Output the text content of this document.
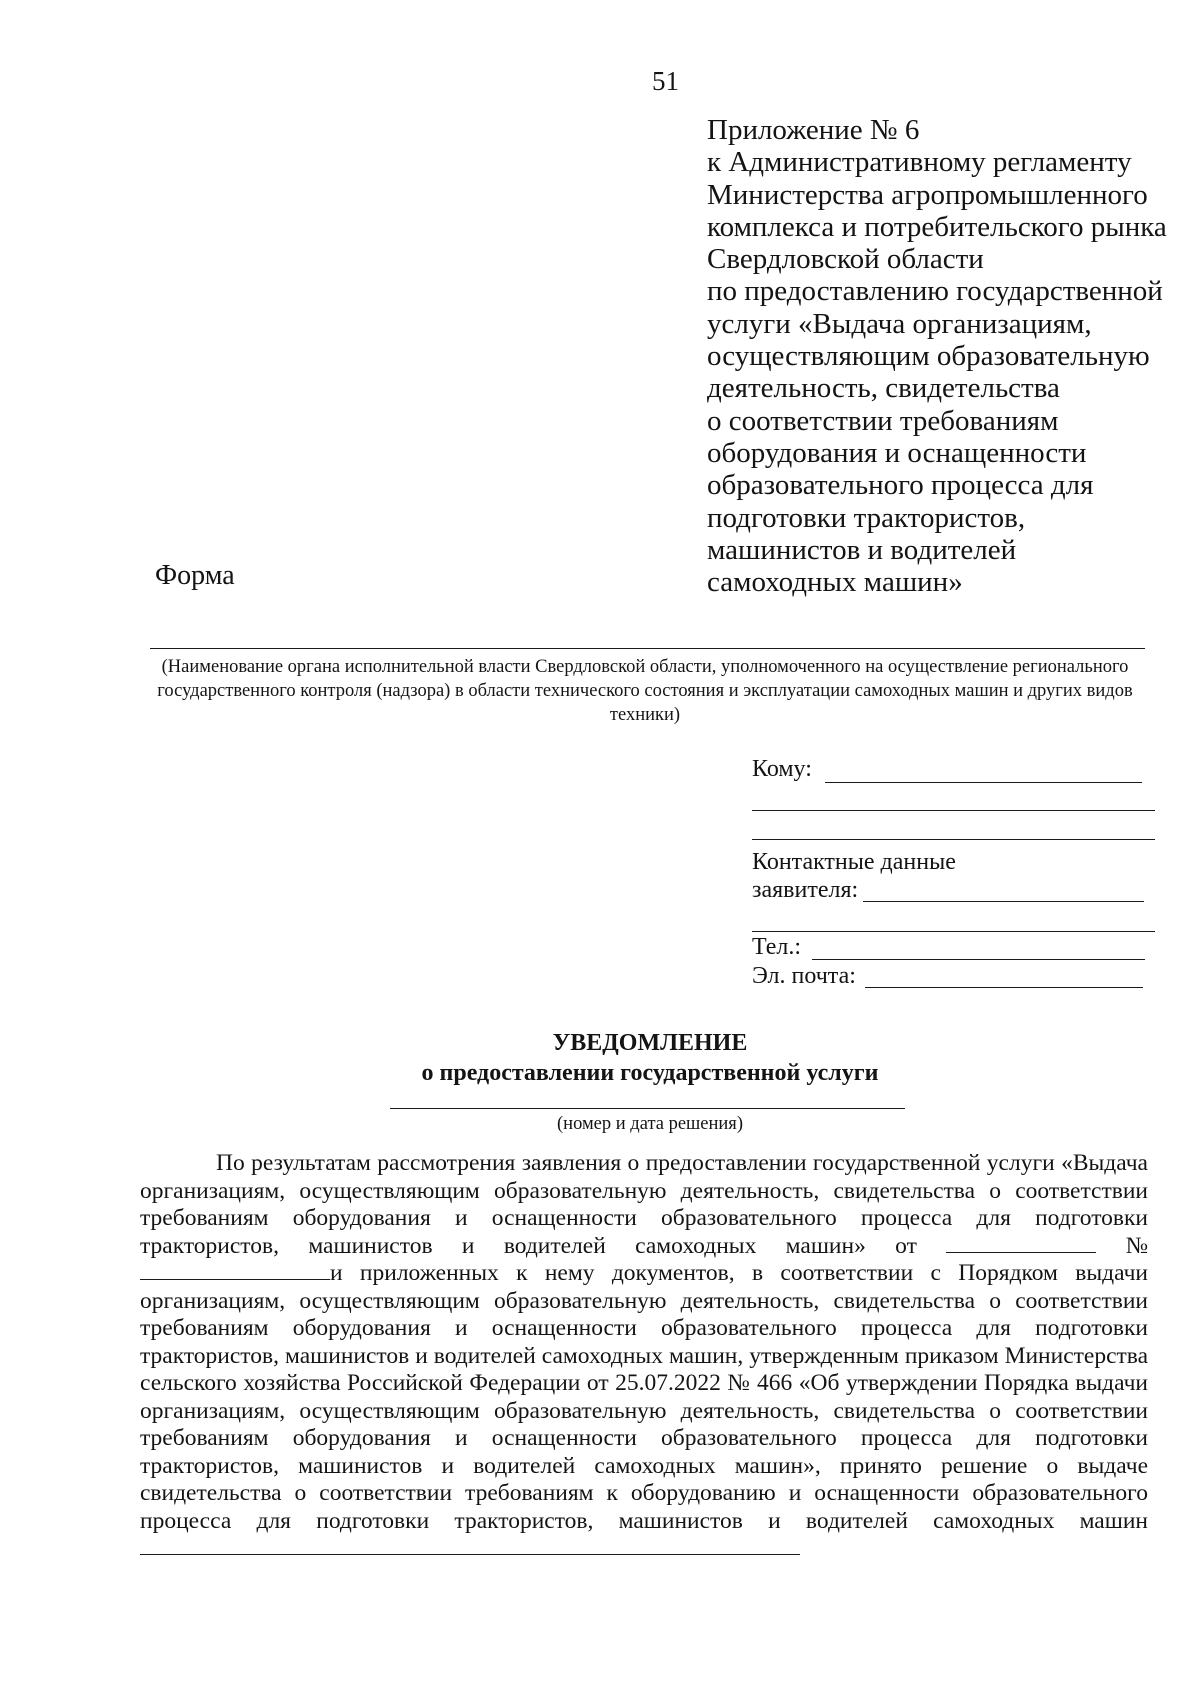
51
Приложение № 6
к Административному регламенту
Министерства агропромышленного
комплекса и потребительского рынка
Свердловской области
по предоставлению государственной
услуги «Выдача организациям,
осуществляющим образовательную
деятельность, свидетельства
о соответствии требованиям
оборудования и оснащенности
образовательного процесса для
подготовки трактористов,
машинистов и водителей
самоходных машин»
Форма
(Наименование органа исполнительной власти Свердловской области, уполномоченного на осуществление регионального государственного контроля (надзора) в области технического состояния и эксплуатации самоходных машин и других видов техники)
Кому:
Контактные данные
заявителя:
Тел.:
Эл. почта:
УВЕДОМЛЕНИЕ
о предоставлении государственной услуги
(номер и дата решения)

По результатам рассмотрения заявления о предоставлении государственной услуги «Выдача организациям, осуществляющим образовательную деятельность, свидетельства о соответствии требованиям оборудования и оснащенности образовательного процесса для подготовки трактористов, машинистов и водителей самоходных машин» от	№ и приложенных к нему документов, в соответствии с Порядком выдачи организациям, осуществляющим образовательную деятельность, свидетельства о соответствии требованиям оборудования и оснащенности образовательного процесса для подготовки трактористов, машинистов и водителей самоходных машин, утвержденным приказом Министерства сельского хозяйства Российской Федерации от 25.07.2022 № 466 «Об утверждении Порядка выдачи организациям, осуществляющим образовательную деятельность, свидетельства о соответствии требованиям оборудования и оснащенности образовательного процесса для подготовки трактористов, машинистов и водителей самоходных машин», принято решение о выдаче свидетельства о соответствии требованиям к оборудованию и оснащенности образовательного процесса для подготовки трактористов, машинистов и водителей самоходных машин
